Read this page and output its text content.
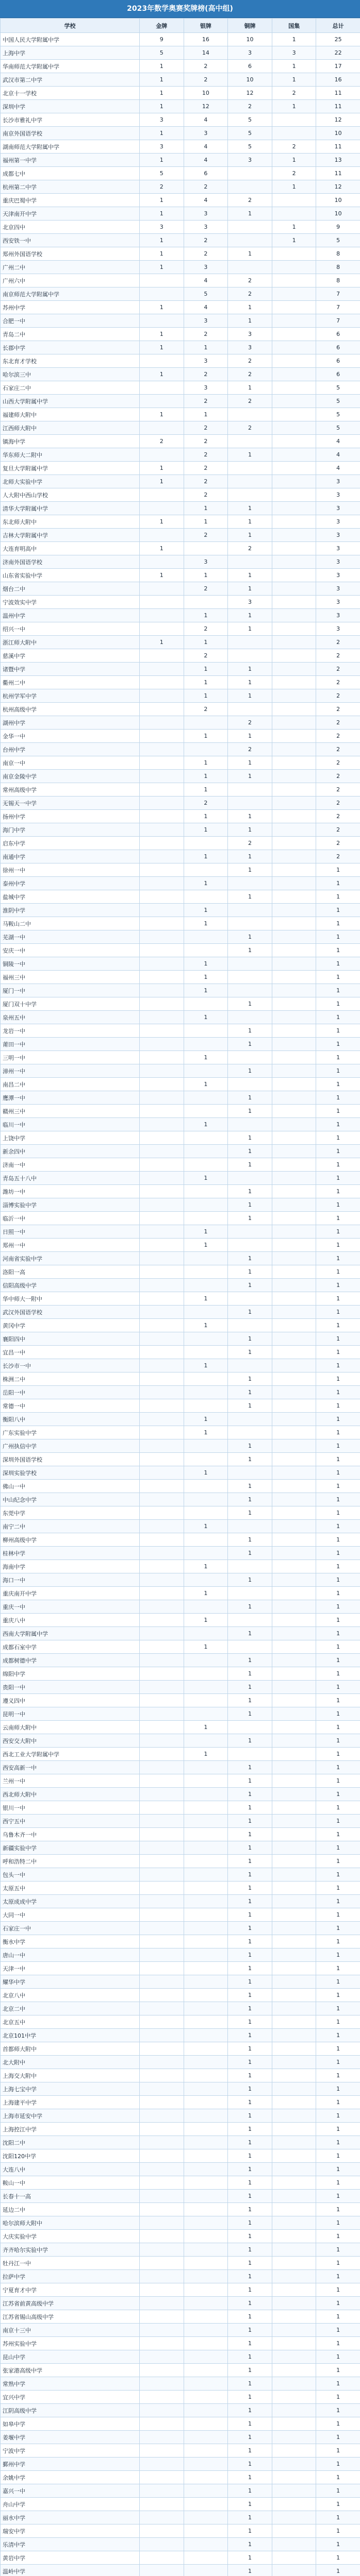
2023年数学奥赛奖牌榜(高中组)
学校	金牌	银牌	铜牌	国集	总计
中国人民大学附属中学	9	16	10	1	25
上海中学	5	14	3	3	22
华南师范大学附属中学	1	2	6	1	17
武汉市第二中学	1	2	10	1	16
北京十一学校	1	10	12	2	11
深圳中学	1	12	2	1	11
长沙市雅礼中学	3	4	5		12
南京外国语学校	1	3	5		10
湖南师范大学附属中学	3	4	5	2	11
福州第一中学	1	4	3	1	13
成都七中	5	6		2	11
杭州第二中学	2	2		1	12
重庆巴蜀中学	1	4	2		10
天津南开中学	1	3	1		10
北京四中	3	3		1	9
西安铁一中	1	2		1	5
郑州外国语学校	1	2	1		8
广州二中	1	3			8
广州六中		4	2		8
南京师范大学附属中学		5	2		7
苏州中学	1	4	1		7
合肥一中		3	1		7
青岛二中	1	2	3		6
长郡中学	1	1	3		6
东北育才学校		3	2		6
哈尔滨三中	1	2	2		6
石家庄二中		3	1		5
山西大学附属中学		2	2		5
福建师大附中	1	1			5
江西师大附中		2	2		5
镇海中学	2	2			4
华东师大二附中		2	1		4
复旦大学附属中学	1	2			4
北师大实验中学	1	2			3
人大附中西山学校		2			3
清华大学附属中学		1	1		3
东北师大附中	1	1	1		3
吉林大学附属中学		2	1		3
大连育明高中	1		2		3
济南外国语学校		3			3
山东省实验中学	1	1	1		3
烟台二中		2	1		3
宁波效实中学			3		3
温州中学		1	1		3
绍兴一中		2	1		3
浙江师大附中	1	1			2
慈溪中学		2			2
诸暨中学		1	1		2
衢州二中		1	1		2
杭州学军中学		1	1		2
杭州高级中学		2			2
湖州中学			2		2
金华一中		1	1		2
台州中学			2		2
南京一中		1	1		2
南京金陵中学		1	1		2
常州高级中学		1			2
无锡天一中学		2			2
扬州中学		1	1		2
海门中学		1	1		2
启东中学			2		2
南通中学		1	1		2
徐州一中			1		1
泰州中学		1			1
盐城中学			1		1
淮阴中学		1			1
马鞍山二中		1			1
芜湖一中			1		1
安庆一中			1		1
铜陵一中		1			1
福州三中		1			1
厦门一中		1			1
厦门双十中学			1		1
泉州五中		1			1
龙岩一中			1		1
莆田一中			1		1
三明一中		1			1
漳州一中			1		1
南昌二中		1			1
鹰潭一中			1		1
赣州三中			1		1
临川一中		1			1
上饶中学			1		1
新余四中			1		1
济南一中			1		1
青岛五十八中		1			1
潍坊一中			1		1
淄博实验中学			1		1
临沂一中			1		1
日照一中		1			1
郑州一中		1			1
河南省实验中学			1		1
洛阳一高			1		1
信阳高级中学			1		1
华中师大一附中		1			1
武汉外国语学校			1		1
黄冈中学		1			1
襄阳四中			1		1
宜昌一中			1		1
长沙市一中		1			1
株洲二中			1		1
岳阳一中			1		1
常德一中			1		1
衡阳八中		1			1
广东实验中学		1			1
广州执信中学			1		1
深圳外国语学校			1		1
深圳实验学校		1			1
佛山一中			1		1
中山纪念中学			1		1
东莞中学			1		1
南宁二中		1			1
柳州高级中学			1		1
桂林中学			1		1
海南中学		1			1
海口一中			1		1
重庆南开中学		1			1
重庆一中			1		1
重庆八中		1			1
西南大学附属中学			1		1
成都石室中学		1			1
成都树德中学			1		1
绵阳中学			1		1
贵阳一中			1		1
遵义四中			1		1
昆明一中			1		1
云南师大附中		1			1
西安交大附中			1		1
西北工业大学附属中学		1			1
西安高新一中			1		1
兰州一中			1		1
西北师大附中			1		1
银川一中			1		1
西宁五中			1		1
乌鲁木齐一中			1		1
新疆实验中学			1		1
呼和浩特二中			1		1
包头一中			1		1
太原五中			1		1
太原成成中学			1		1
大同一中			1		1
石家庄一中			1		1
衡水中学			1		1
唐山一中			1		1
天津一中			1		1
耀华中学			1		1
北京八中			1		1
北京二中			1		1
北京五中			1		1
北京101中学			1		1
首都师大附中			1		1
北大附中			1		1
上海交大附中			1		1
上海七宝中学			1		1
上海建平中学			1		1
上海市延安中学			1		1
上海控江中学			1		1
沈阳二中			1		1
沈阳120中学			1		1
大连八中			1		1
鞍山一中			1		1
长春十一高			1		1
延边二中			1		1
哈尔滨师大附中			1		1
大庆实验中学			1		1
齐齐哈尔实验中学			1		1
牡丹江一中			1		1
拉萨中学			1		1
宁夏育才中学			1		1
江苏省前黄高级中学			1		1
江苏省锡山高级中学			1		1
南京十三中			1		1
苏州实验中学			1		1
昆山中学			1		1
张家港高级中学			1		1
常熟中学			1		1
宜兴中学			1		1
江阴高级中学			1		1
如皋中学			1		1
姜堰中学			1		1
宁波中学			1		1
鄞州中学			1		1
余姚中学			1		1
嘉兴一中			1		1
舟山中学			1		1
丽水中学			1		1
瑞安中学			1		1
乐清中学			1		1
黄岩中学			1		1
温岭中学			1		1
